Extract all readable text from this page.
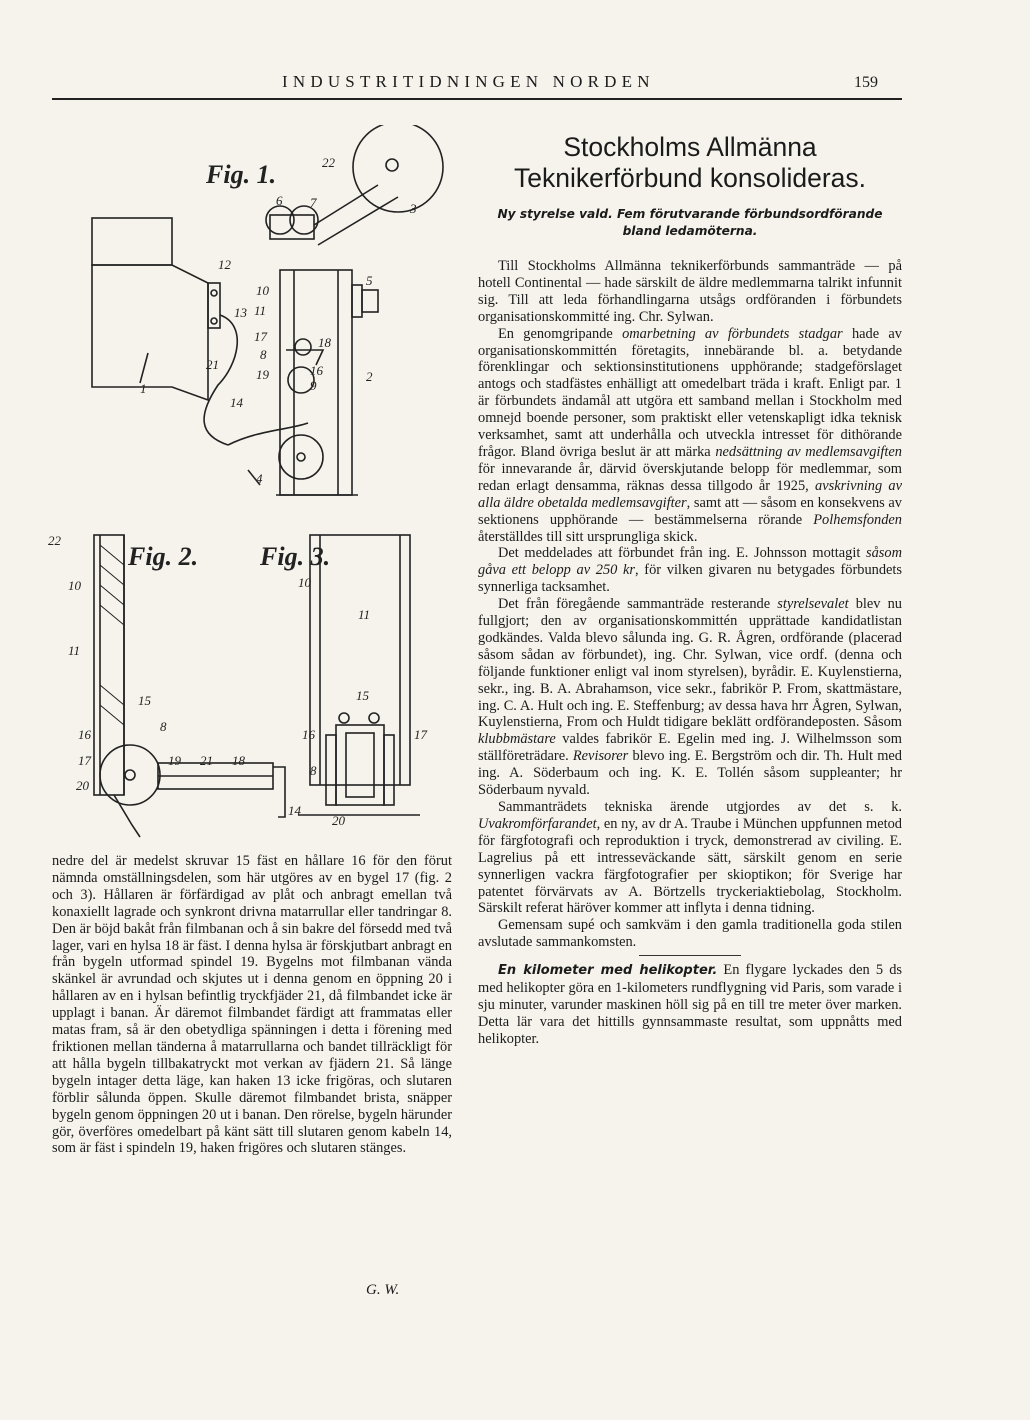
INDUSTRITIDNINGEN NORDEN	159
Fig. 1.
Fig. 2. Fig. 3.
22
6 7	3
12
10
13 11
5
17
8
18
16
19
9
2
14
1
4
21
22
10
11
15
8
16
17
20
19 21 18
14
10
11
15
16	17
8
20

nedre del är medelst skruvar 15 fäst en hållare 16 för den förut nämnda omställningsdelen, som här utgöres av en bygel 17 (fig. 2 och 3). Hållaren är förfärdigad av plåt och anbragt emellan två konaxiellt lagrade och synkront drivna matarrullar eller tandringar 8. Den är böjd bakåt från filmbanan och å sin bakre del försedd med två lager, vari en hylsa 18 är fäst. I denna hylsa är förskjutbart anbragt en från bygeln utformad spindel 19. Bygelns mot filmbanan vända skänkel är avrundad och skjutes ut i denna genom en öppning 20 i hållaren av en i hylsan befintlig tryckfjäder 21, då filmbandet icke är upplagt i banan. Är däremot filmbandet färdigt att frammatas eller matas fram, så är den obetydliga spänningen i detta i förening med friktionen mellan tänderna å matarrullarna och bandet tillräckligt för att hålla bygeln tillbakatryckt mot verkan av fjädern 21. Så länge bygeln intager detta läge, kan haken 13 icke frigöras, och slutaren förblir sålunda öppen. Skulle däremot filmbandet brista, snäpper bygeln genom öppningen 20 ut i banan. Den rörelse, bygeln härunder gör, överföres omedelbart på känt sätt till slutaren genom kabeln 14, som är fäst i spindeln 19, haken frigöres och slutaren stänges.

G. W.
Stockholms Allmänna Teknikerförbund konsolideras.
Ny styrelse vald. Fem förutvarande förbundsordförande bland ledamöterna.

Till Stockholms Allmänna teknikerförbunds sammanträde — på hotell Continental — hade särskilt de äldre medlemmarna talrikt infunnit sig. Till att leda förhandlingarna utsågs ordföranden i förbundets organisationskommitté ing. Chr. Sylwan.

En genomgripande omarbetning av förbundets stadgar hade av organisationskommittén företagits, innebärande bl. a. betydande förenklingar och sektionsinstitutionens upphörande; stadgeförslaget antogs och stadfästes enhälligt att omedelbart träda i kraft. Enligt par. 1 är förbundets ändamål att utgöra ett samband mellan i Stockholm med omnejd boende personer, som praktiskt eller vetenskapligt idka teknisk verksamhet, samt att underhålla och utveckla intresset för dithörande frågor. Bland övriga beslut är att märka nedsättning av medlemsavgiften för innevarande år, därvid överskjutande belopp för medlemmar, som redan erlagt densamma, räknas dessa tillgodo år 1925, avskrivning av alla äldre obetalda medlemsavgifter, samt att — såsom en konsekvens av sektionens upphörande — bestämmelserna rörande Polhemsfonden återställdes till sitt ursprungliga skick.

Det meddelades att förbundet från ing. E. Johnsson mottagit såsom gåva ett belopp av 250 kr, för vilken givaren nu betygades förbundets synnerliga tacksamhet.

Det från föregående sammanträde resterande styrelsevalet blev nu fullgjort; den av organisationskommittén upprättade kandidatlistan godkändes. Valda blevo sålunda ing. G. R. Ågren, ordförande (placerad såsom sådan av förbundet), ing. Chr. Sylwan, vice ordf. (denna och följande funktioner enligt val inom styrelsen), byrådir. E. Kuylenstierna, sekr., ing. B. A. Abrahamson, vice sekr., fabrikör P. From, skattmästare, ing. C. A. Hult och ing. E. Steffenburg; av dessa hava hrr Ågren, Sylwan, Kuylenstierna, From och Huldt tidigare beklätt ordförandeposten. Såsom klubbmästare valdes fabrikör E. Egelin med ing. J. Wilhelmsson som ställföreträdare. Revisorer blevo ing. E. Bergström och dir. Th. Hult med ing. A. Söderbaum och ing. K. E. Tollén såsom suppleanter; hr Söderbaum nyvald.

Sammanträdets tekniska ärende utgjordes av det s. k. Uvakromförfarandet, en ny, av dr A. Traube i München uppfunnen metod för färgfotografi och reproduktion i tryck, demonstrerad av civiling. E. Lagrelius på ett intresseväckande sätt, särskilt genom en serie synnerligen vackra färgfotografier per skioptikon; för Sverige har patentet förvärvats av A. Börtzells tryckeriaktiebolag, Stockholm. Särskilt referat häröver kommer att inflyta i denna tidning.

Gemensam supé och samkväm i den gamla traditionella goda stilen avslutade sammankomsten.

En kilometer med helikopter. En flygare lyckades den 5 ds med helikopter göra en 1-kilometers rundflygning vid Paris, som varade i sju minuter, varunder maskinen höll sig på en till tre meter över marken. Detta lär vara det hittills gynnsammaste resultat, som uppnåtts med helikopter.
